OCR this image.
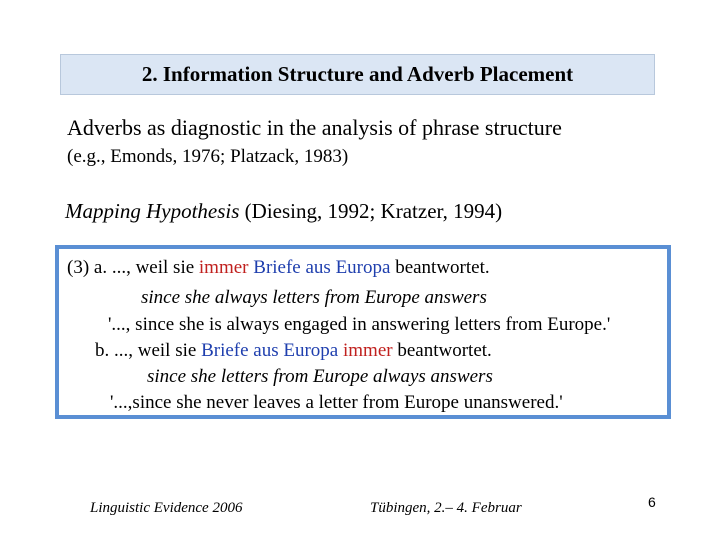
2. Information Structure and Adverb Placement
Adverbs as diagnostic in the analysis of phrase structure
(e.g., Emonds, 1976; Platzack, 1983)
Mapping Hypothesis (Diesing, 1992; Kratzer, 1994)
(3) a. ..., weil sie immer Briefe aus Europa beantwortet.
since she always letters from Europe answers
'..., since she is always engaged in answering letters from Europe.'
b. ..., weil sie Briefe aus Europa immer beantwortet.
since she letters from Europe always answers
'...,since she never leaves a letter from Europe unanswered.'
Linguistic Evidence 2006	Tübingen, 2.– 4. Februar	6
